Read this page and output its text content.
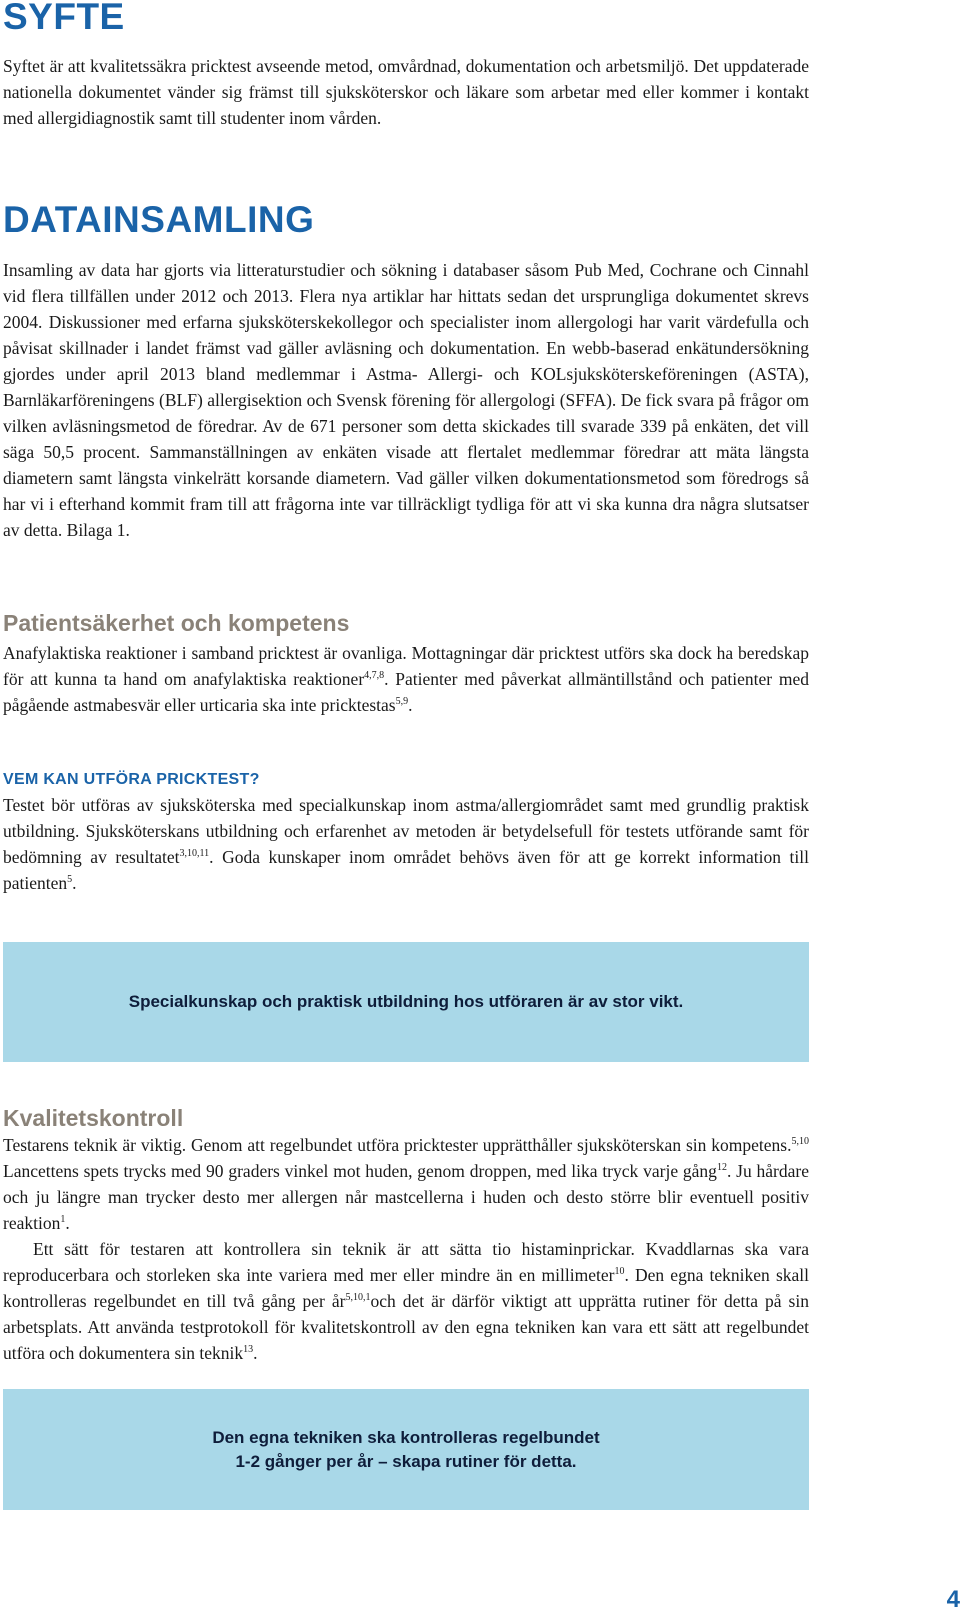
SYFTE

Syftet är att kvalitetssäkra pricktest avseende metod, omvårdnad, dokumentation och arbetsmiljö. Det uppdaterade nationella dokumentet vänder sig främst till sjuksköterskor och läkare som arbetar med eller kommer i kontakt med allergidiagnostik samt till studenter inom vården.

DATAINSAMLING

Insamling av data har gjorts via litteraturstudier och sökning i databaser såsom Pub Med, Cochrane och Cinnahl vid flera tillfällen under 2012 och 2013. Flera nya artiklar har hittats sedan det ursprungliga dokumentet skrevs 2004. Diskussioner med erfarna sjuksköterskekollegor och specialister inom allergologi har varit värdefulla och påvisat skillnader i landet främst vad gäller avläsning och dokumentation. En webb-baserad enkätundersökning gjordes under april 2013 bland medlemmar i Astma- Allergi- och KOLsjuksköterskeföreningen (ASTA), Barnläkarföreningens (BLF) allergisektion och Svensk förening för allergologi (SFFA). De fick svara på frågor om vilken avläsningsmetod de föredrar. Av de 671 personer som detta skickades till svarade 339 på enkäten, det vill säga 50,5 procent. Sammanställningen av enkäten visade att flertalet medlemmar föredrar att mäta längsta diametern samt längsta vinkelrätt korsande diametern. Vad gäller vilken dokumentationsmetod som föredrogs så har vi i efterhand kommit fram till att frågorna inte var tillräckligt tydliga för att vi ska kunna dra några slutsatser av detta. Bilaga 1.

Patientsäkerhet och kompetens

Anafylaktiska reaktioner i samband pricktest är ovanliga. Mottagningar där pricktest utförs ska dock ha beredskap för att kunna ta hand om anafylaktiska reaktioner$^{4,7,8}$. Patienter med påverkat allmäntillstånd och patienter med pågående astmabesvär eller urticaria ska inte pricktestas$^{5,9}$.

VEM KAN UTFÖRA PRICKTEST?

Testet bör utföras av sjuksköterska med specialkunskap inom astma/allergiområdet samt med grundlig praktisk utbildning. Sjuksköterskans utbildning och erfarenhet av metoden är betydelsefull för testets utförande samt för bedömning av resultatet$^{3,10,11}$. Goda kunskaper inom området behövs även för att ge korrekt information till patienten$^5$.

Specialkunskap och praktisk utbildning hos utföraren är av stor vikt.
Kvalitetskontroll

Testarens teknik är viktig. Genom att regelbundet utföra pricktester upprätthåller sjuksköterskan sin kompetens.$^{5,10}$ Lancettens spets trycks med 90 graders vinkel mot huden, genom droppen, med lika tryck varje gång$^{12}$. Ju hårdare och ju längre man trycker desto mer allergen når mastcellerna i huden och desto större blir eventuell positiv reaktion$^1$.

Ett sätt för testaren att kontrollera sin teknik är att sätta tio histaminprickar. Kvaddlarnas ska vara reproducerbara och storleken ska inte variera med mer eller mindre än en millimeter$^{10}$. Den egna tekniken skall kontrolleras regelbundet en till två gång per år$^{5,10,1}$och det är därför viktigt att upprätta rutiner för detta på sin arbetsplats. Att använda testprotokoll för kvalitetskontroll av den egna tekniken kan vara ett sätt att regelbundet utföra och dokumentera sin teknik$^{13}$.

Den egna tekniken ska kontrolleras regelbundet
1-2 gånger per år – skapa rutiner för detta.
4
